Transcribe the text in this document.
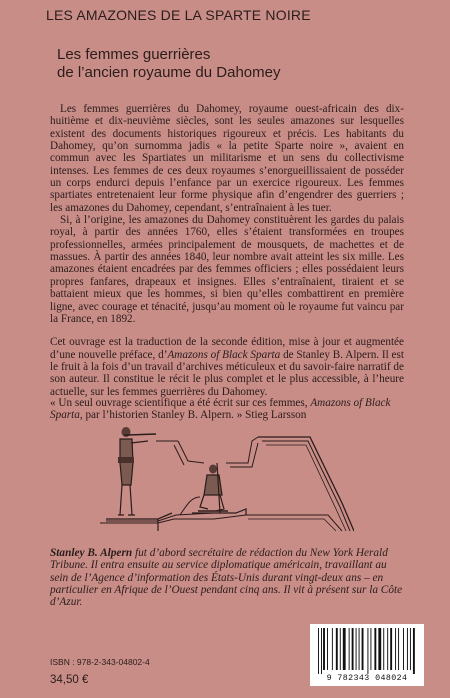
LES AMAZONES DE LA SPARTE NOIRE
Les femmes guerrières
de l’ancien royaume du Dahomey

Les femmes guerrières du Dahomey, royaume ouest-africain des dix-huitième et dix-neuvième siècles, sont les seules amazones sur lesquelles existent des documents historiques rigoureux et précis. Les habitants du Dahomey, qu’on surnomma jadis « la petite Sparte noire », avaient en commun avec les Spartiates un militarisme et un sens du collectivisme intenses. Les femmes de ces deux royaumes s’enorgueillissaient de posséder un corps endurci depuis l’enfance par un exercice rigoureux. Les femmes spartiates entretenaient leur forme physique afin d’engendrer des guerriers ; les amazones du Dahomey, cependant, s’entraînaient à les tuer.

Si, à l’origine, les amazones du Dahomey constituèrent les gardes du palais royal, à partir des années 1760, elles s’étaient transformées en troupes professionnelles, armées principalement de mousquets, de machettes et de massues. À partir des années 1840, leur nombre avait atteint les six mille. Les amazones étaient encadrées par des femmes officiers ; elles possédaient leurs propres fanfares, drapeaux et insignes. Elles s’entraînaient, tiraient et se battaient mieux que les hommes, si bien qu’elles combattirent en première ligne, avec courage et ténacité, jusqu’au moment où le royaume fut vaincu par la France, en 1892.

Cet ouvrage est la traduction de la seconde édition, mise à jour et augmentée d’une nouvelle préface, d’Amazons of Black Sparta de Stanley B. Alpern. Il est le fruit à la fois d’un travail d’archives méticuleux et du savoir-faire narratif de son auteur. Il constitue le récit le plus complet et le plus accessible, à l’heure actuelle, sur les femmes guerrières du Dahomey.

« Un seul ouvrage scientifique a été écrit sur ces femmes, Amazons of Black Sparta, par l’historien Stanley B. Alpern. » Stieg Larsson

Stanley B. Alpern fut d’abord secrétaire de rédaction du New York Herald Tribune. Il entra ensuite au service diplomatique américain, travaillant au sein de l’Agence d’information des États-Unis durant vingt-deux ans – en particulier en Afrique de l’Ouest pendant cinq ans. Il vit à présent sur la Côte d’Azur.

ISBN : 978-2-343-04802-4
34,50 €	9 782343 048024
